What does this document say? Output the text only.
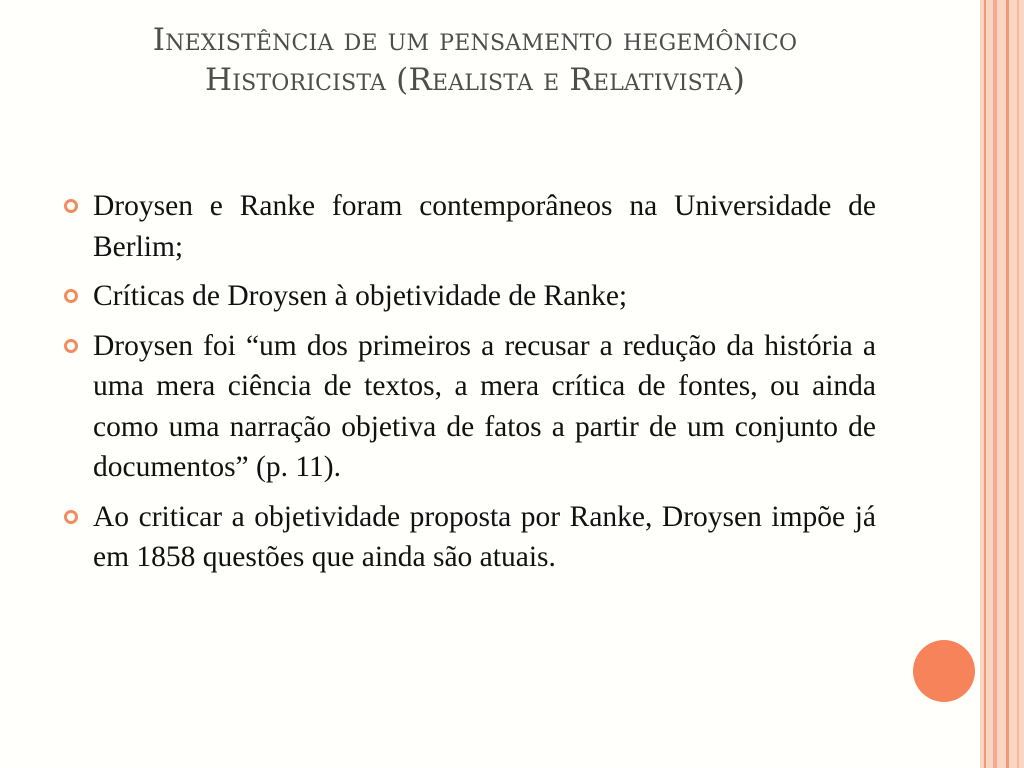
Inexistência de um pensamento hegemônico Historicista (Realista e Relativista)
Droysen e Ranke foram contemporâneos na Universidade de Berlim;
Críticas de Droysen à objetividade de Ranke;
Droysen foi “um dos primeiros a recusar a redução da história a uma mera ciência de textos, a mera crítica de fontes, ou ainda como uma narração objetiva de fatos a partir de um conjunto de documentos” (p. 11).
Ao criticar a objetividade proposta por Ranke, Droysen impõe já em 1858 questões que ainda são atuais.
